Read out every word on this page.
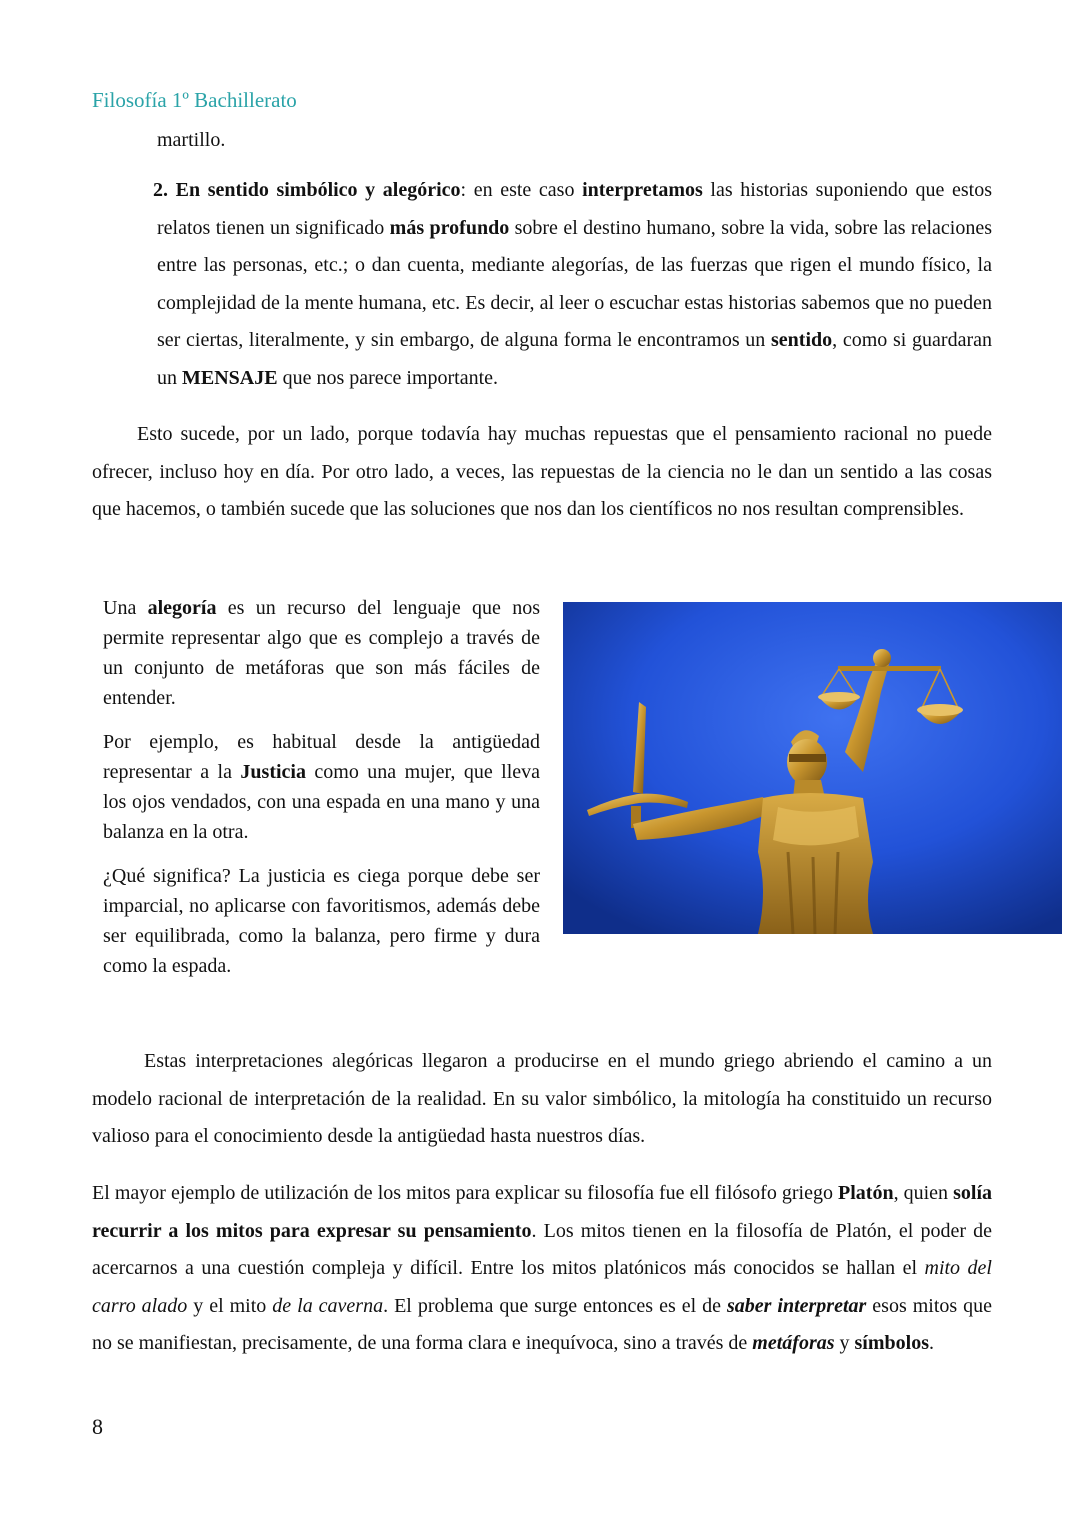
Filosofía 1º Bachillerato

martillo.

2. En sentido simbólico y alegórico: en este caso interpretamos las historias suponiendo que estos relatos tienen un significado más profundo sobre el destino humano, sobre la vida, sobre las relaciones entre las personas, etc.; o dan cuenta, mediante alegorías, de las fuerzas que rigen el mundo físico, la complejidad de la mente humana, etc. Es decir, al leer o escuchar estas historias sabemos que no pueden ser ciertas, literalmente, y sin embargo, de alguna forma le encontramos un sentido, como si guardaran un MENSAJE que nos parece importante.

Esto sucede, por un lado, porque todavía hay muchas repuestas que el pensamiento racional no puede ofrecer, incluso hoy en día. Por otro lado, a veces, las repuestas de la ciencia no le dan un sentido a las cosas que hacemos, o también sucede que las soluciones que nos dan los científicos no nos resultan comprensibles.

Una alegoría es un recurso del lenguaje que nos permite representar algo que es complejo a través de un conjunto de metáforas que son más fáciles de entender.

Por ejemplo, es habitual desde la antigüedad representar a la Justicia como una mujer, que lleva los ojos vendados, con una espada en una mano y una balanza en la otra.

¿Qué significa? La justicia es ciega porque debe ser imparcial, no aplicarse con favoritismos, además debe ser equilibrada, como la balanza, pero firme y dura como la espada.

Estas interpretaciones alegóricas llegaron a producirse en el mundo griego abriendo el camino a un modelo racional de interpretación de la realidad. En su valor simbólico, la mitología ha constituido un recurso valioso para el conocimiento desde la antigüedad hasta nuestros días.

El mayor ejemplo de utilización de los mitos para explicar su filosofía fue ell filósofo griego Platón, quien solía recurrir a los mitos para expresar su pensamiento. Los mitos tienen en la filosofía de Platón, el poder de acercarnos a una cuestión compleja y difícil. Entre los mitos platónicos más conocidos se hallan el mito del carro alado y el mito de la caverna. El problema que surge entonces es el de saber interpretar esos mitos que no se manifiestan, precisamente, de una forma clara e inequívoca, sino a través de metáforas y símbolos.

8
